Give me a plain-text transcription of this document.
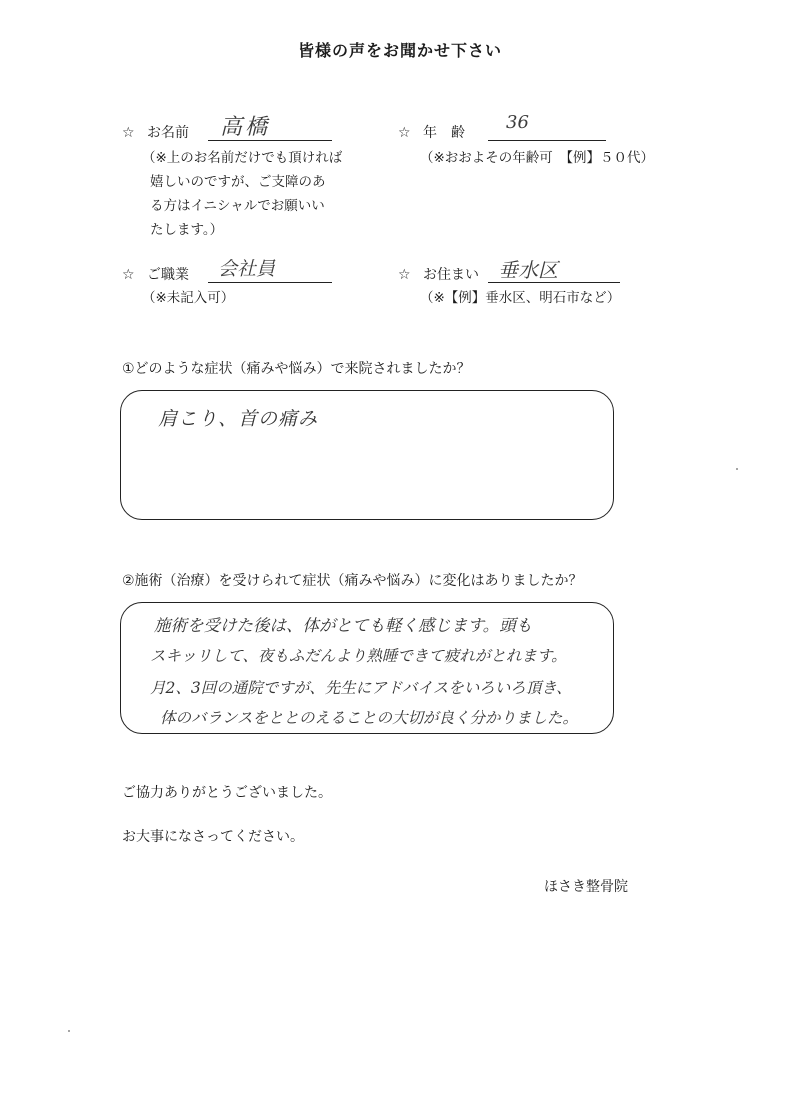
皆様の声をお聞かせ下さい
☆ お名前 高橋
（※上のお名前だけでも頂ければ
嬉しいのですが、ご支障のあ
る方はイニシャルでお願いい
たします。）
☆ 年　齢 36
（※おおよその年齢可　【例】５０代）
☆ ご職業 会社員
（※未記入可）
☆ お住まい 垂水区
（※【例】垂水区、明石市など）
①どのような症状（痛みや悩み）で来院されましたか？
肩こり、首の痛み
②施術（治療）を受けられて症状（痛みや悩み）に変化はありましたか？
施術を受けた後は、体がとても軽く感じます。頭も
スキッリして、夜もふだんより熟睡できて疲れがとれます。
月2、3回の通院ですが、先生にアドバイスをいろいろ頂き、
体のバランスをととのえることの大切が良く分かりました。
ご協力ありがとうございました。
お大事になさってください。
ほさき整骨院
